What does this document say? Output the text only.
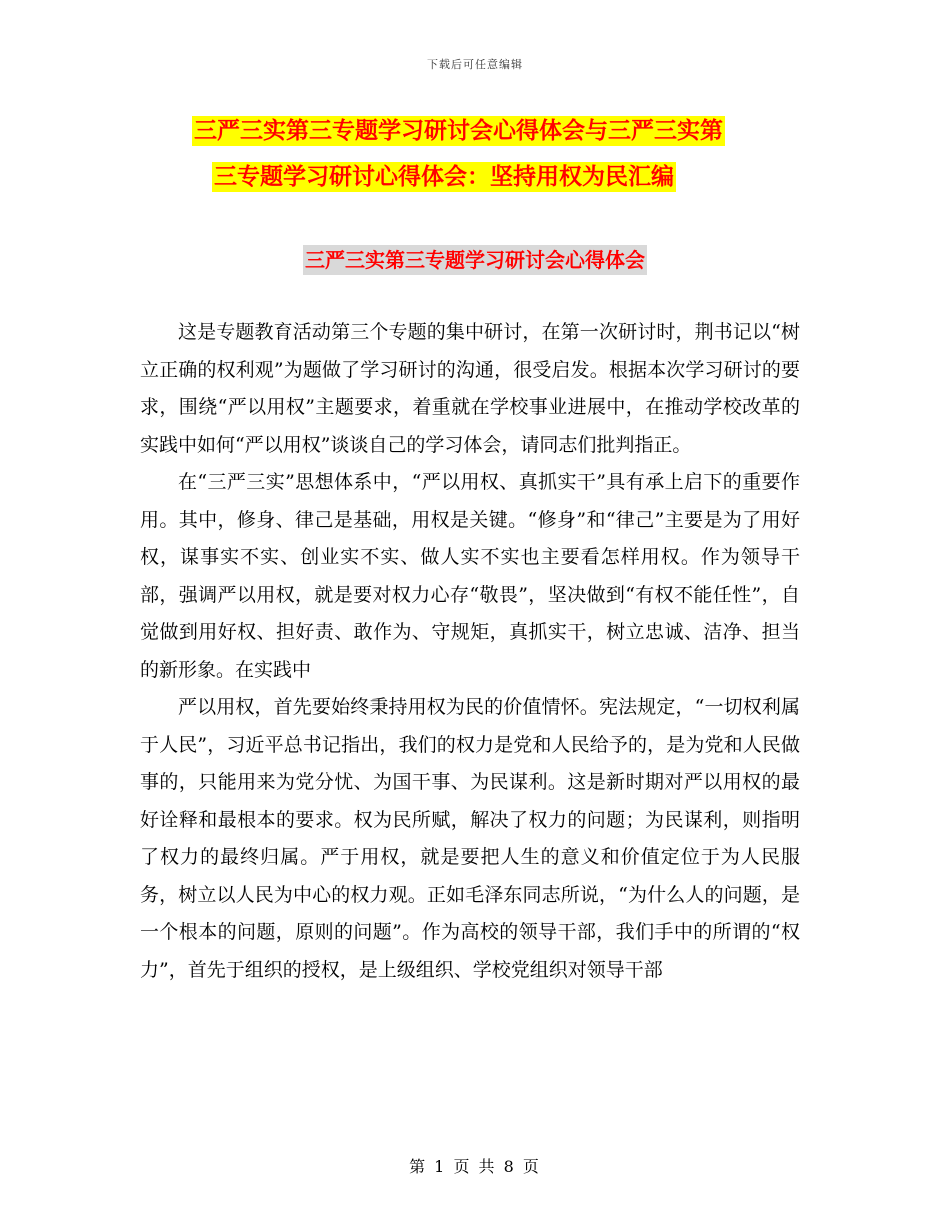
下载后可任意编辑
三严三实第三专题学习研讨会心得体会与三严三实第
三专题学习研讨心得体会：坚持用权为民汇编
三严三实第三专题学习研讨会心得体会

这是专题教育活动第三个专题的集中研讨，在第一次研讨时，荆书记以“树立正确的权利观”为题做了学习研讨的沟通，很受启发。根据本次学习研讨的要求，围绕“严以用权”主题要求，着重就在学校事业进展中，在推动学校改革的实践中如何“严以用权”谈谈自己的学习体会，请同志们批判指正。

在“三严三实”思想体系中，“严以用权、真抓实干”具有承上启下的重要作用。其中，修身、律己是基础，用权是关键。“修身”和“律己”主要是为了用好权，谋事实不实、创业实不实、做人实不实也主要看怎样用权。作为领导干部，强调严以用权，就是要对权力心存“敬畏”，坚决做到“有权不能任性”，自觉做到用好权、担好责、敢作为、守规矩，真抓实干，树立忠诚、洁净、担当的新形象。在实践中

严以用权，首先要始终秉持用权为民的价值情怀。宪法规定，“一切权利属于人民”，习近平总书记指出，我们的权力是党和人民给予的，是为党和人民做事的，只能用来为党分忧、为国干事、为民谋利。这是新时期对严以用权的最好诠释和最根本的要求。权为民所赋，解决了权力的问题；为民谋利，则指明了权力的最终归属。严于用权，就是要把人生的意义和价值定位于为人民服务，树立以人民为中心的权力观。正如毛泽东同志所说，“为什么人的问题，是一个根本的问题，原则的问题”。作为高校的领导干部，我们手中的所谓的“权力”，首先于组织的授权，是上级组织、学校党组织对领导干部

第 1 页 共 8 页
